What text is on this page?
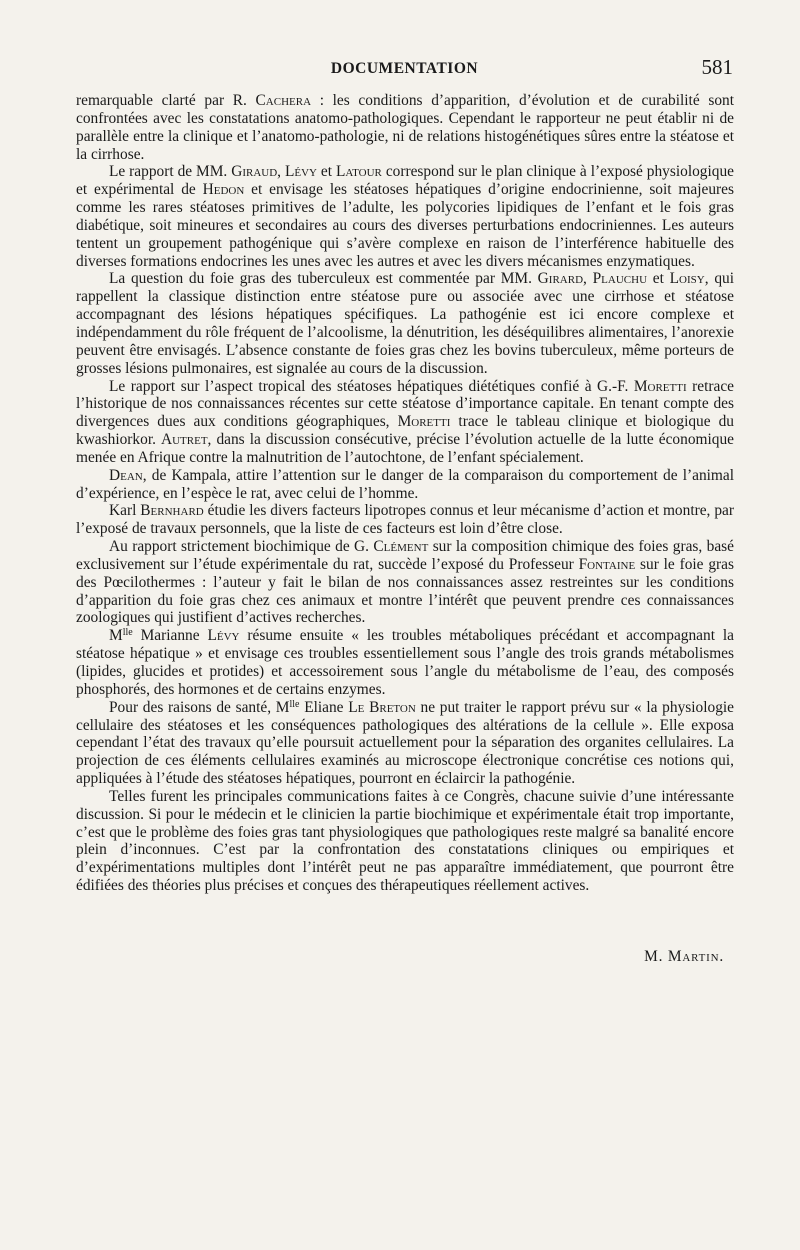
DOCUMENTATION	581

remarquable clarté par R. Cachera : les conditions d’apparition, d’évolution et de curabilité sont confrontées avec les constatations anatomo-pathologiques. Cependant le rapporteur ne peut établir ni de parallèle entre la clinique et l’anatomo-pathologie, ni de relations histogénétiques sûres entre la stéatose et la cirrhose.

Le rapport de MM. Giraud, Lévy et Latour correspond sur le plan clinique à l’exposé physiologique et expérimental de Hedon et envisage les stéatoses hépatiques d’origine endocrinienne, soit majeures comme les rares stéatoses primitives de l’adulte, les polycories lipidiques de l’enfant et le fois gras diabétique, soit mineures et secondaires au cours des diverses perturbations endocriniennes. Les auteurs tentent un groupement pathogénique qui s’avère complexe en raison de l’interférence habituelle des diverses formations endocrines les unes avec les autres et avec les divers mécanismes enzymatiques.

La question du foie gras des tuberculeux est commentée par MM. Girard, Plauchu et Loisy, qui rappellent la classique distinction entre stéatose pure ou associée avec une cirrhose et stéatose accompagnant des lésions hépatiques spécifiques. La pathogénie est ici encore complexe et indépendamment du rôle fréquent de l’alcoolisme, la dénutrition, les déséquilibres alimentaires, l’anorexie peuvent être envisagés. L’absence constante de foies gras chez les bovins tuberculeux, même porteurs de grosses lésions pulmonaires, est signalée au cours de la discussion.

Le rapport sur l’aspect tropical des stéatoses hépatiques diététiques confié à G.-F. Moretti retrace l’historique de nos connaissances récentes sur cette stéatose d’importance capitale. En tenant compte des divergences dues aux conditions géographiques, Moretti trace le tableau clinique et biologique du kwashiorkor. Autret, dans la discussion consécutive, précise l’évolution actuelle de la lutte économique menée en Afrique contre la malnutrition de l’autochtone, de l’enfant spécialement.

Dean, de Kampala, attire l’attention sur le danger de la comparaison du comportement de l’animal d’expérience, en l’espèce le rat, avec celui de l’homme.

Karl Bernhard étudie les divers facteurs lipotropes connus et leur mécanisme d’action et montre, par l’exposé de travaux personnels, que la liste de ces facteurs est loin d’être close.

Au rapport strictement biochimique de G. Clément sur la composition chimique des foies gras, basé exclusivement sur l’étude expérimentale du rat, succède l’exposé du Professeur Fontaine sur le foie gras des Pœcilothermes : l’auteur y fait le bilan de nos connaissances assez restreintes sur les conditions d’apparition du foie gras chez ces animaux et montre l’intérêt que peuvent prendre ces connaissances zoologiques qui justifient d’actives recherches.

$M^{lle}$ Marianne Lévy résume ensuite « les troubles métaboliques précédant et accompagnant la stéatose hépatique » et envisage ces troubles essentiellement sous l’angle des trois grands métabolismes (lipides, glucides et protides) et accessoirement sous l’angle du métabolisme de l’eau, des composés phosphorés, des hormones et de certains enzymes.

Pour des raisons de santé, $M^{lle}$ Eliane Le Breton ne put traiter le rapport prévu sur « la physiologie cellulaire des stéatoses et les conséquences pathologiques des altérations de la cellule ». Elle exposa cependant l’état des travaux qu’elle poursuit actuellement pour la séparation des organites cellulaires. La projection de ces éléments cellulaires examinés au microscope électronique concrétise ces notions qui, appliquées à l’étude des stéatoses hépatiques, pourront en éclaircir la pathogénie.

Telles furent les principales communications faites à ce Congrès, chacune suivie d’une intéressante discussion. Si pour le médecin et le clinicien la partie biochimique et expérimentale était trop importante, c’est que le problème des foies gras tant physiologiques que pathologiques reste malgré sa banalité encore plein d’inconnues. C’est par la confrontation des constatations cliniques ou empiriques et d’expérimentations multiples dont l’intérêt peut ne pas apparaître immédiatement, que pourront être édifiées des théories plus précises et conçues des thérapeutiques réellement actives.

M. Martin.
